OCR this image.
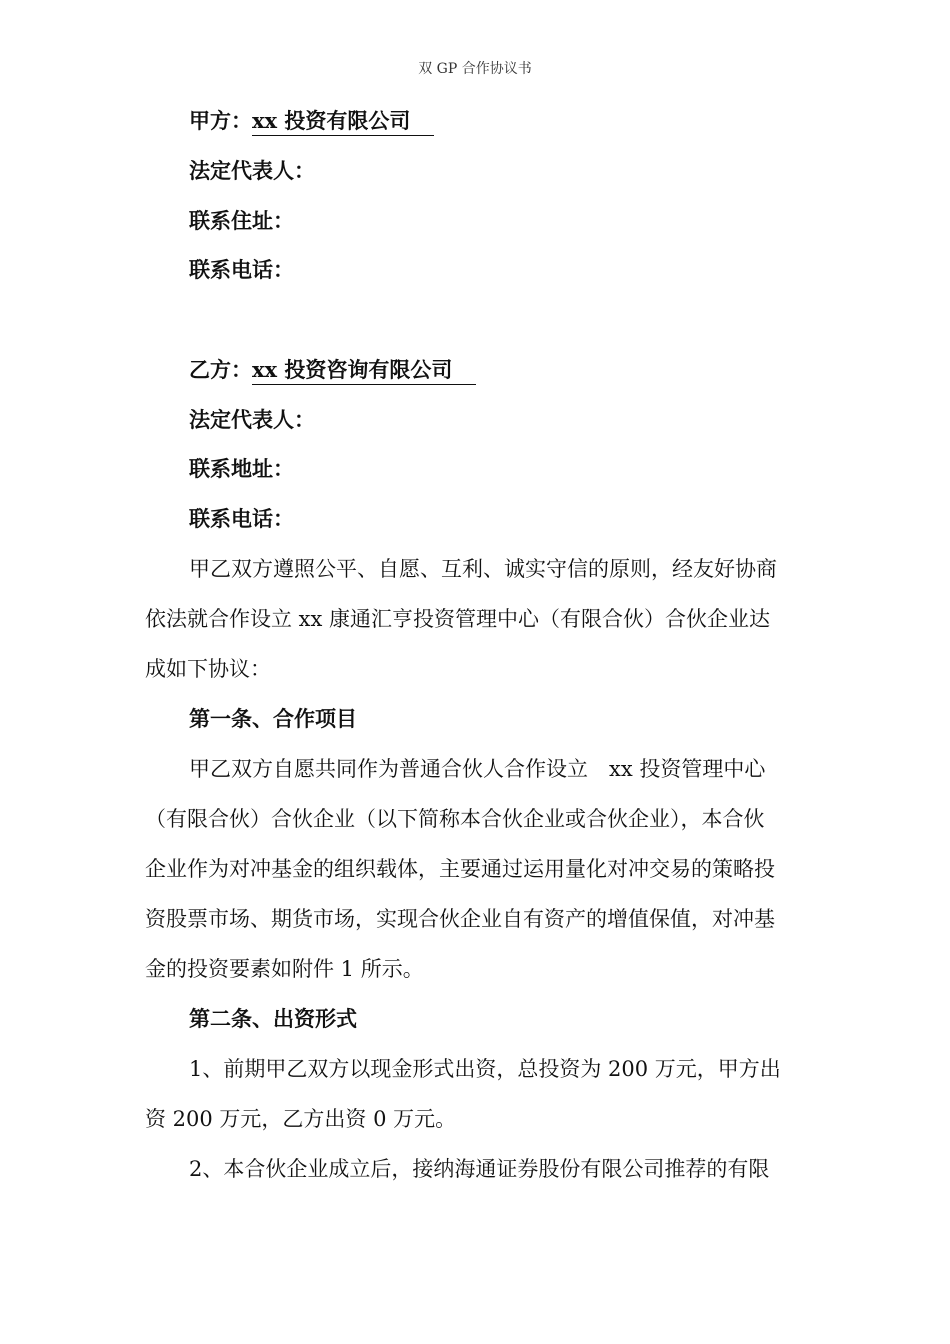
双 GP 合作协议书
甲方：xx 投资有限公司
法定代表人：
联系住址：
联系电话：
乙方：xx 投资咨询有限公司
法定代表人：
联系地址：
联系电话：
甲乙双方遵照公平、自愿、互利、诚实守信的原则，经友好协商
依法就合作设立 xx 康通汇亨投资管理中心（有限合伙）合伙企业达
成如下协议：
第一条、合作项目
甲乙双方自愿共同作为普通合伙人合作设立　xx 投资管理中心
（有限合伙）合伙企业（以下简称本合伙企业或合伙企业），本合伙
企业作为对冲基金的组织载体，主要通过运用量化对冲交易的策略投
资股票市场、期货市场，实现合伙企业自有资产的增值保值，对冲基
金的投资要素如附件 1 所示。
第二条、出资形式
1、前期甲乙双方以现金形式出资，总投资为 200 万元，甲方出
资 200 万元，乙方出资 0 万元。
2、本合伙企业成立后，接纳海通证券股份有限公司推荐的有限
